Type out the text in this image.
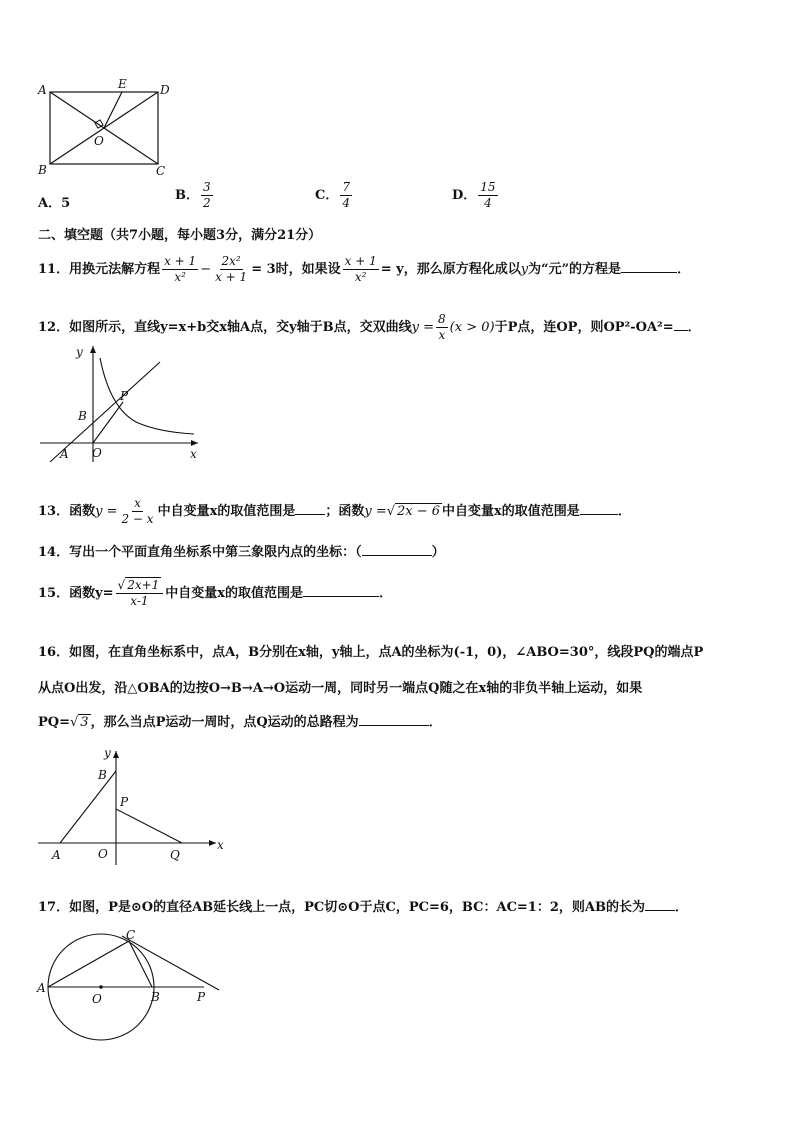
A
B	C
D
E
O
A．5
B． $\frac{3}{2}$	C． $\frac{7}{4}$	D． $\frac{15}{4}$
二、填空题（共7小题，每小题3分，满分21分）
11．用换元法解方程 $\frac{x + 1}{\text{x²}} - \frac{\text{2x²}}{x + 1} = 3$时，如果设 $\frac{x + 1}{\text{x²}} = y$，那么原方程化成以y为“元”的方程是	．
12．如图所示，直线y=x+b交x轴A点，交y轴于B点，交双曲线$y = \frac{8}{x} (x > 0)$于P点，连OP，则OP²-OA²= ．
y
x
A O
B
P
13．函数$y = \frac{x}{2 - x}$ 中自变量x的取值范围是 ；函数y =√ 2x − 6 中自变量x的取值范围是	．
14．写出一个平面直角坐标系中第三象限内点的坐标：（	）
15．函数$y= \frac{√ 2x+1}{x-1}$ 中自变量x的取值范围是	．
16．如图，在直角坐标系中，点A，B分别在x轴，y轴上，点A的坐标为(-1，0)，∠ABO=30°，线段PQ的端点P
从点O出发，沿△OBA的边按O→B→A→O运动一周，同时另一端点Q随之在x轴的非负半轴上运动，如果
PQ=√ 3 ，那么当点P运动一周时，点Q运动的总路程为	．
y
x
B
P
A	O	Q
17．如图，P是⊙O的直径AB延长线上一点，PC切⊙O于点C，PC=6，BC：AC=1：2，则AB的长为 ．
A
O	B	P
C
